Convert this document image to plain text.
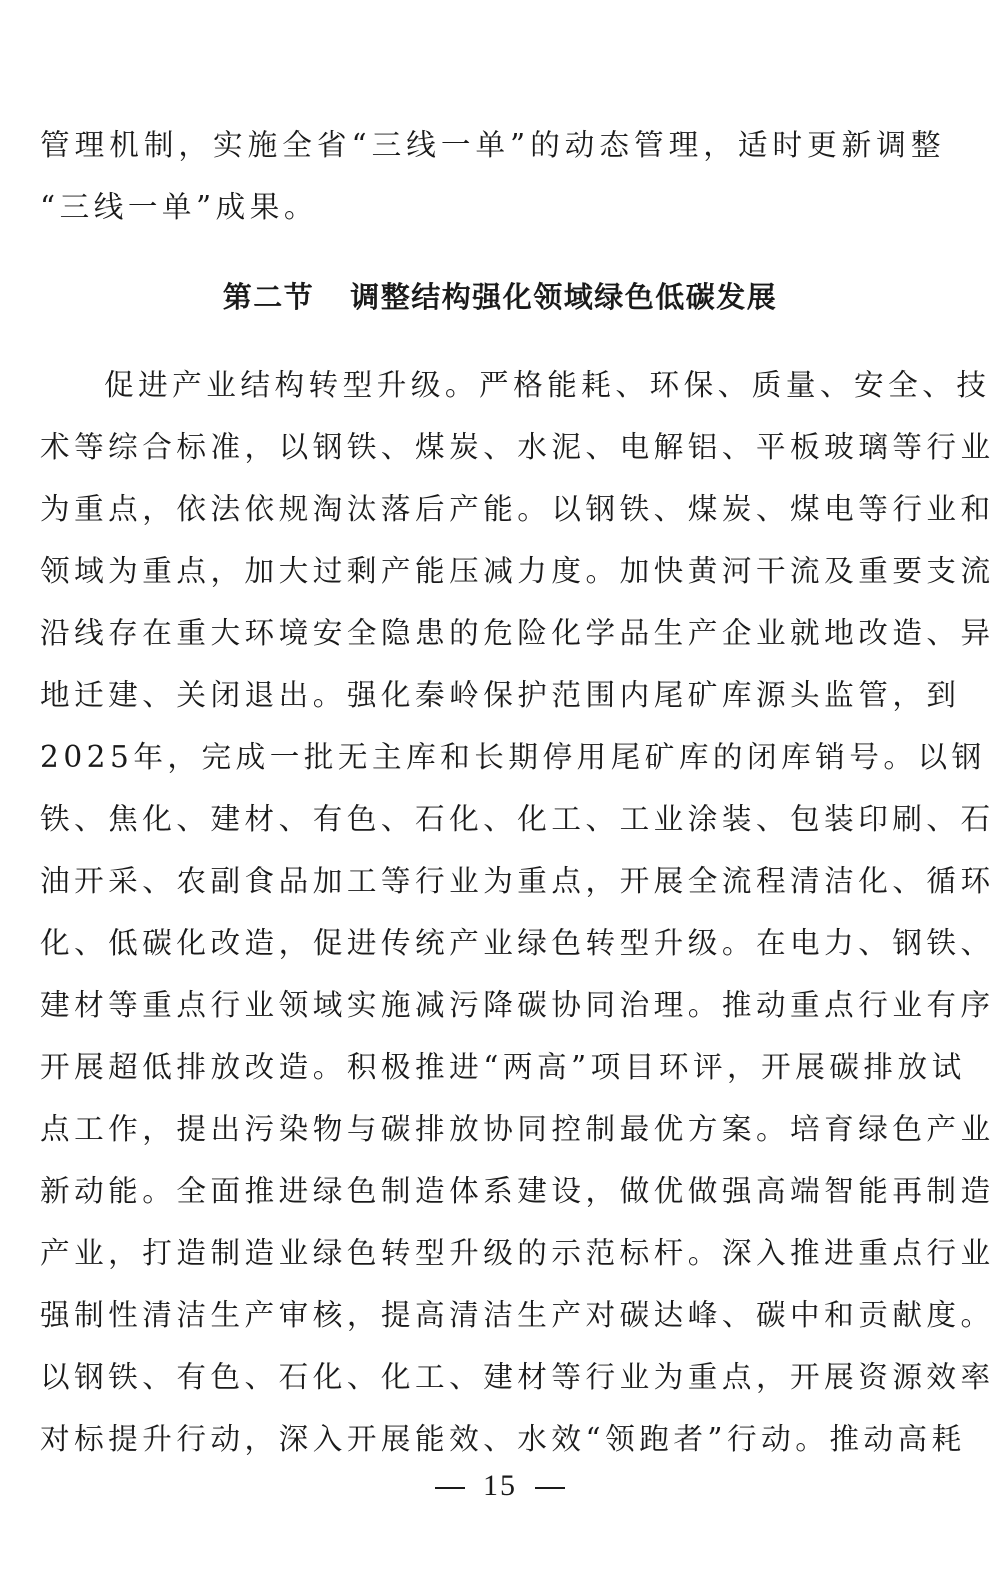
管理机制，实施全省“三线一单”的动态管理，适时更新调整
“三线一单”成果。
第二节 调整结构强化领域绿色低碳发展
促进产业结构转型升级。严格能耗、环保、质量、安全、技
术等综合标准，以钢铁、煤炭、水泥、电解铝、平板玻璃等行业
为重点，依法依规淘汰落后产能。以钢铁、煤炭、煤电等行业和
领域为重点，加大过剩产能压减力度。加快黄河干流及重要支流
沿线存在重大环境安全隐患的危险化学品生产企业就地改造、异
地迁建、关闭退出。强化秦岭保护范围内尾矿库源头监管，到
2025年，完成一批无主库和长期停用尾矿库的闭库销号。以钢
铁、焦化、建材、有色、石化、化工、工业涂装、包装印刷、石
油开采、农副食品加工等行业为重点，开展全流程清洁化、循环
化、低碳化改造，促进传统产业绿色转型升级。在电力、钢铁、
建材等重点行业领域实施减污降碳协同治理。推动重点行业有序
开展超低排放改造。积极推进“两高”项目环评，开展碳排放试
点工作，提出污染物与碳排放协同控制最优方案。培育绿色产业
新动能。全面推进绿色制造体系建设，做优做强高端智能再制造
产业，打造制造业绿色转型升级的示范标杆。深入推进重点行业
强制性清洁生产审核，提高清洁生产对碳达峰、碳中和贡献度。
以钢铁、有色、石化、化工、建材等行业为重点，开展资源效率
对标提升行动，深入开展能效、水效“领跑者”行动。推动高耗
15
